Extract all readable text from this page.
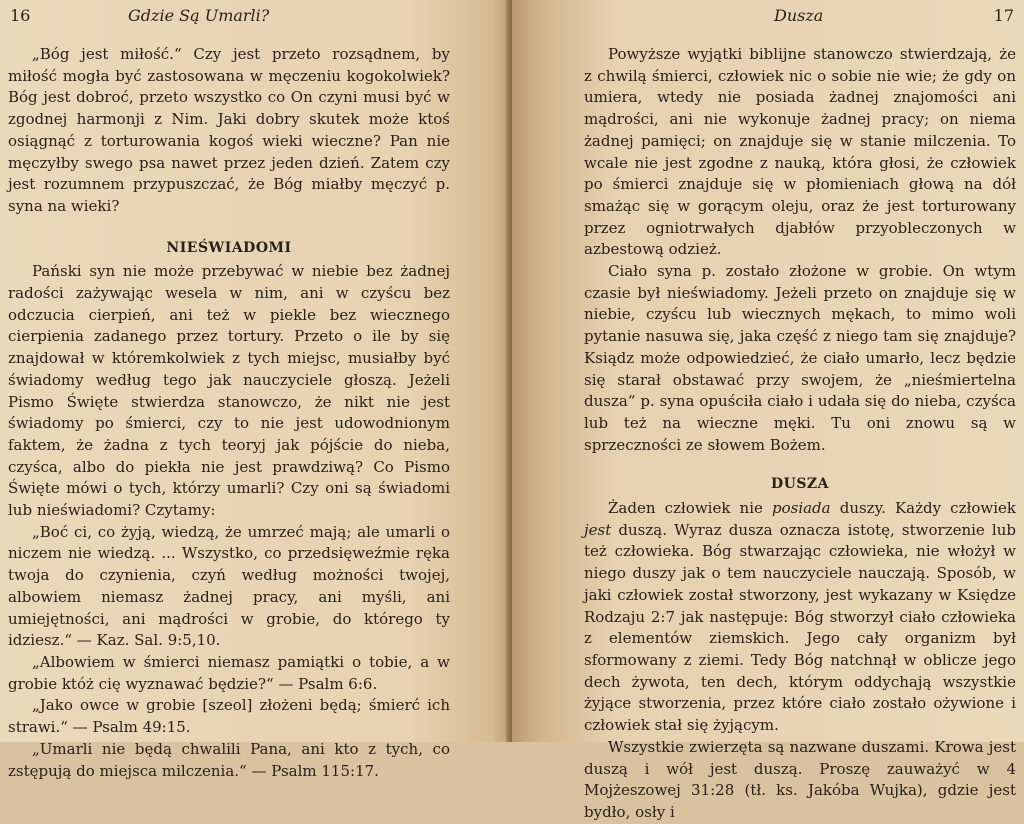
16	Gdzie Są Umarli?

„Bóg jest miłość.“ Czy jest przeto rozsądnem, by miłość mogła być zastosowana w męczeniu kogokolwiek? Bóg jest dobroć, przeto wszystko co On czyni musi być w zgodnej harmonji z Nim. Jaki dobry skutek może ktoś osiągnąć z torturowania kogoś wieki wieczne? Pan nie męczyłby swego psa nawet przez jeden dzień. Zatem czy jest rozumnem przypuszczać, że Bóg miałby męczyć p. syna na wieki?

NIEŚWIADOMI

Pański syn nie może przebywać w niebie bez żadnej radości zażywając wesela w nim, ani w czyścu bez odczucia cierpień, ani też w piekle bez wiecznego cierpienia zadanego przez tortury. Przeto o ile by się znajdował w któremkolwiek z tych miejsc, musiałby być świadomy według tego jak nauczyciele głoszą. Jeżeli Pismo Święte stwierdza stanowczo, że nikt nie jest świadomy po śmierci, czy to nie jest udowodnionym faktem, że żadna z tych teoryj jak pójście do nieba, czyśca, albo do piekła nie jest prawdziwą? Co Pismo Święte mówi o tych, którzy umarli? Czy oni są świadomi lub nieświadomi? Czytamy:

„Boć ci, co żyją, wiedzą, że umrzeć mają; ale umarli o niczem nie wiedzą. ... Wszystko, co przedsięweźmie ręka twoja do czynienia, czyń według możności twojej, albowiem niemasz żadnej pracy, ani myśli, ani umiejętności, ani mądrości w grobie, do którego ty idziesz.“ — Kaz. Sal. 9:5,10.

„Albowiem w śmierci niemasz pamiątki o tobie, a w grobie któż cię wyznawać będzie?“ — Psalm 6:6.

„Jako owce w grobie [szeol] złożeni będą; śmierć ich strawi.“ — Psalm 49:15.

„Umarli nie będą chwalili Pana, ani kto z tych, co zstępują do miejsca milczenia.“ — Psalm 115:17.

Dusza	17

Powyższe wyjątki biblijne stanowczo stwierdzają, że z chwilą śmierci, człowiek nic o sobie nie wie; że gdy on umiera, wtedy nie posiada żadnej znajomości ani mądrości, ani nie wykonuje żadnej pracy; on niema żadnej pamięci; on znajduje się w stanie milczenia. To wcale nie jest zgodne z nauką, która głosi, że człowiek po śmierci znajduje się w płomieniach głową na dół smażąc się w gorącym oleju, oraz że jest torturowany przez ogniotrwałych djabłów przyobleczonych w azbestową odzież.

Ciało syna p. zostało złożone w grobie. On wtym czasie był nieświadomy. Jeżeli przeto on znajduje się w niebie, czyścu lub wiecznych mękach, to mimo woli pytanie nasuwa się, jaka część z niego tam się znajduje? Ksiądz może odpowiedzieć, że ciało umarło, lecz będzie się starał obstawać przy swojem, że „nieśmiertelna dusza“ p. syna opuściła ciało i udała się do nieba, czyśca lub też na wieczne męki. Tu oni znowu są w sprzeczności ze słowem Bożem.

DUSZA

Żaden człowiek nie posiada duszy. Każdy człowiek jest duszą. Wyraz dusza oznacza istotę, stworzenie lub też człowieka. Bóg stwarzając człowieka, nie włożył w niego duszy jak o tem nauczyciele nauczają. Sposób, w jaki człowiek został stworzony, jest wykazany w Księdze Rodzaju 2:7 jak następuje: Bóg stworzył ciało człowieka z elementów ziemskich. Jego cały organizm był sformowany z ziemi. Tedy Bóg natchnął w oblicze jego dech żywota, ten dech, którym oddychają wszystkie żyjące stworzenia, przez które ciało zostało ożywione i człowiek stał się żyjącym.

Wszystkie zwierzęta są nazwane duszami. Krowa jest duszą i wół jest duszą. Proszę zauważyć w 4 Mojżeszowej 31:28 (tł. ks. Jakóba Wujka), gdzie jest bydło, osły i
